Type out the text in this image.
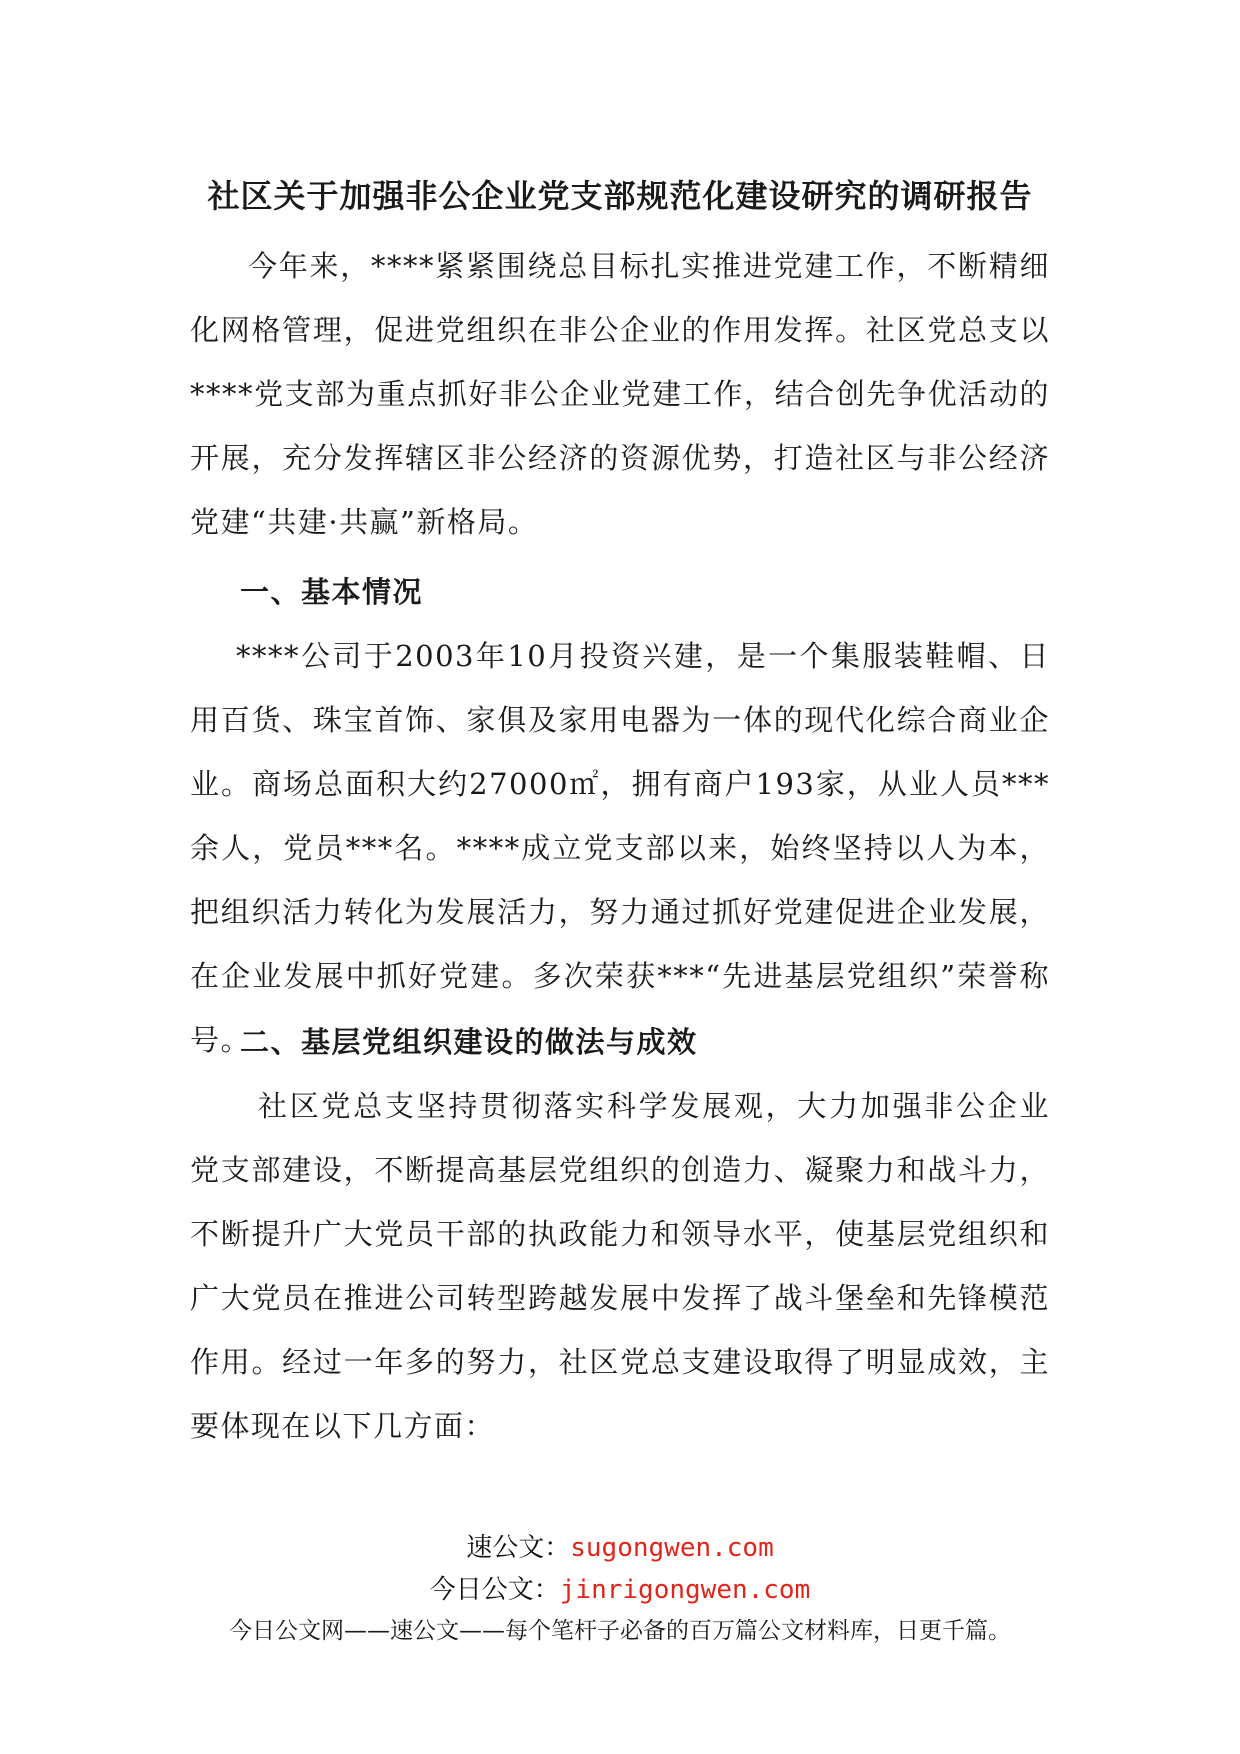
社区关于加强非公企业党支部规范化建设研究的调研报告
今年来，****紧紧围绕总目标扎实推进党建工作，不断精细化网格管理，促进党组织在非公企业的作用发挥。社区党总支以****党支部为重点抓好非公企业党建工作，结合创先争优活动的开展，充分发挥辖区非公经济的资源优势，打造社区与非公经济党建“共建·共赢”新格局。
一、基本情况
****公司于2003年10月投资兴建，是一个集服装鞋帽、日用百货、珠宝首饰、家俱及家用电器为一体的现代化综合商业企业。商场总面积大约27000㎡，拥有商户193家，从业人员***余人，党员***名。****成立党支部以来，始终坚持以人为本，把组织活力转化为发展活力，努力通过抓好党建促进企业发展，在企业发展中抓好党建。多次荣获***“先进基层党组织”荣誉称号。
二、基层党组织建设的做法与成效
社区党总支坚持贯彻落实科学发展观，大力加强非公企业党支部建设，不断提高基层党组织的创造力、凝聚力和战斗力，不断提升广大党员干部的执政能力和领导水平，使基层党组织和广大党员在推进公司转型跨越发展中发挥了战斗堡垒和先锋模范作用。经过一年多的努力，社区党总支建设取得了明显成效，主要体现在以下几方面：
速公文：sugongwen.com
今日公文：jinrigongwen.com
今日公文网——速公文——每个笔杆子必备的百万篇公文材料库，日更千篇。
